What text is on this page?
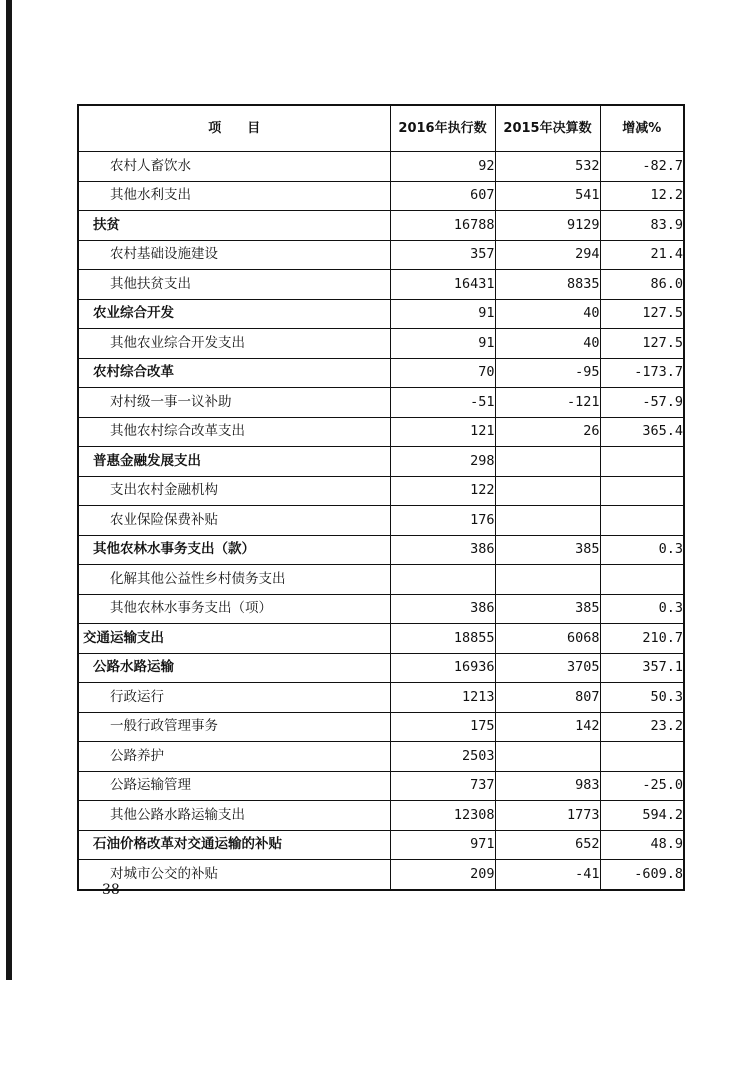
项　　目	2016年执行数	2015年决算数	增减%
农村人畜饮水	92	532	-82.7
其他水利支出	607	541	12.2
扶贫	16788	9129	83.9
农村基础设施建设	357	294	21.4
其他扶贫支出	16431	8835	86.0
农业综合开发	91	40	127.5
其他农业综合开发支出	91	40	127.5
农村综合改革	70	-95	-173.7
对村级一事一议补助	-51	-121	-57.9
其他农村综合改革支出	121	26	365.4
普惠金融发展支出	298		
支出农村金融机构	122		
农业保险保费补贴	176		
其他农林水事务支出（款）	386	385	0.3
化解其他公益性乡村债务支出			
其他农林水事务支出（项）	386	385	0.3
交通运输支出	18855	6068	210.7
公路水路运输	16936	3705	357.1
行政运行	1213	807	50.3
一般行政管理事务	175	142	23.2
公路养护	2503		
公路运输管理	737	983	-25.0
其他公路水路运输支出	12308	1773	594.2
石油价格改革对交通运输的补贴	971	652	48.9
对城市公交的补贴	209	-41	-609.8
—38—
